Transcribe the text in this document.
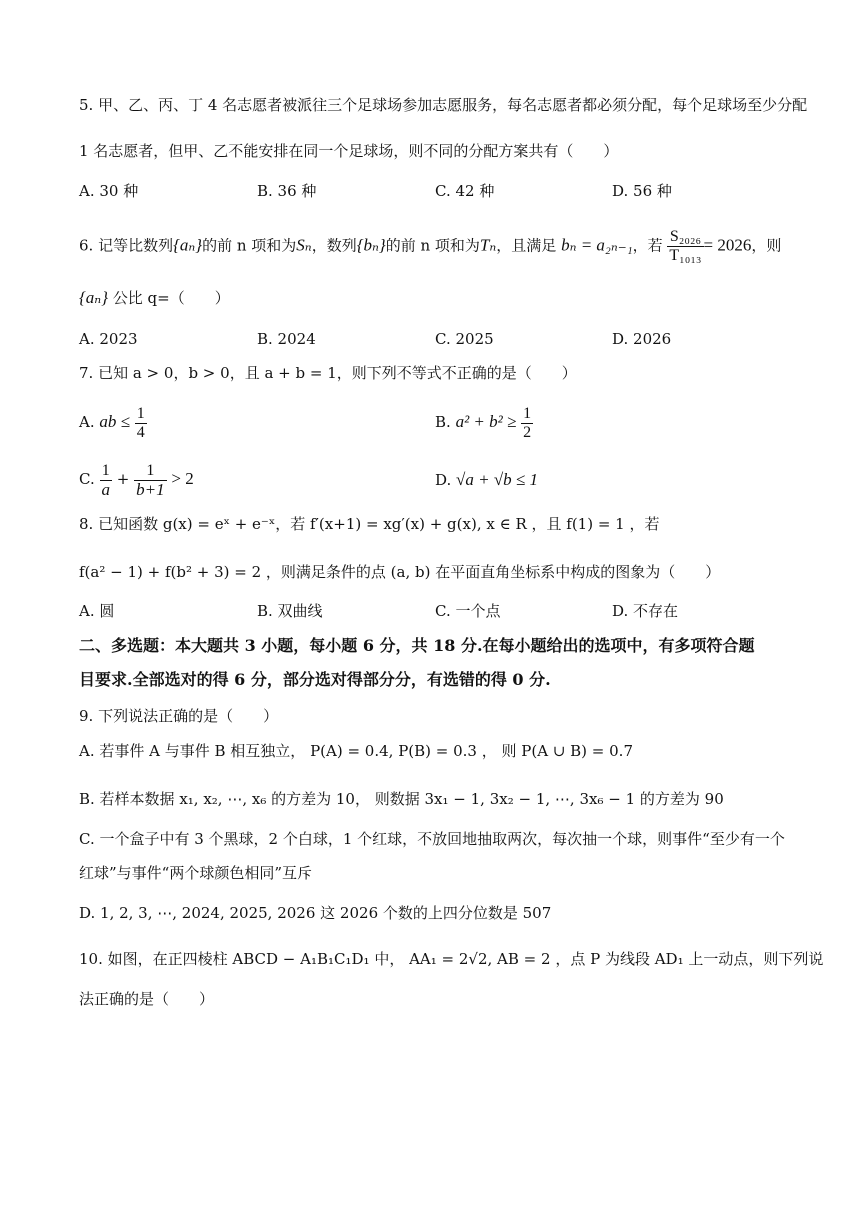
5. 甲、乙、丙、丁 4 名志愿者被派往三个足球场参加志愿服务，每名志愿者都必须分配，每个足球场至少分配
1 名志愿者，但甲、乙不能安排在同一个足球场，则不同的分配方案共有（　　）
A. 30 种	B. 36 种	C. 42 种	D. 56 种
6. 记等比数列{aₙ}的前 n 项和为Sₙ，数列{bₙ}的前 n 项和为Tₙ，且满足 bₙ = a₂ₙ₋₁，若 $\frac{\text{S₂₀₂₆}}{\text{T₁₀₁₃}} = 2026$，则
{aₙ} 公比 q=（　　）
A. 2023	B. 2024	C. 2025	D. 2026
7. 已知 a > 0，b > 0，且 a + b = 1，则下列不等式不正确的是（　　）
A. ab ≤ $\frac{1}{4}$	B. $a^2 + b^2 \ge \frac{1}{2}$
C. $\frac{1}{a} + \frac{1}{b+1} > 2$	D. √a + √b ≤ 1
8. 已知函数 g(x) = eˣ + e⁻ˣ，若 f′(x+1) = xg′(x) + g(x), x ∈ R ，且 f(1) = 1 ，若
f(a² − 1) + f(b² + 3) = 2 ，则满足条件的点 (a, b) 在平面直角坐标系中构成的图象为（　　）
A. 圆	B. 双曲线	C. 一个点	D. 不存在
二、多选题：本大题共 3 小题，每小题 6 分，共 18 分.在每小题给出的选项中，有多项符合题
目要求.全部选对的得 6 分，部分选对得部分分，有选错的得 0 分.
9. 下列说法正确的是（　　）
A. 若事件 A 与事件 B 相互独立， P(A) = 0.4, P(B) = 0.3 ， 则 P(A ∪ B) = 0.7
B. 若样本数据 x₁, x₂, ⋯, x₆ 的方差为 10， 则数据 3x₁ − 1, 3x₂ − 1, ⋯, 3x₆ − 1 的方差为 90
C. 一个盒子中有 3 个黑球，2 个白球，1 个红球，不放回地抽取两次，每次抽一个球，则事件“至少有一个
红球”与事件“两个球颜色相同”互斥
D. 1, 2, 3, ⋯, 2024, 2025, 2026 这 2026 个数的上四分位数是 507
10. 如图，在正四棱柱 ABCD − A₁B₁C₁D₁ 中， AA₁ = 2√2, AB = 2 ，点 P 为线段 AD₁ 上一动点，则下列说
法正确的是（　　）
